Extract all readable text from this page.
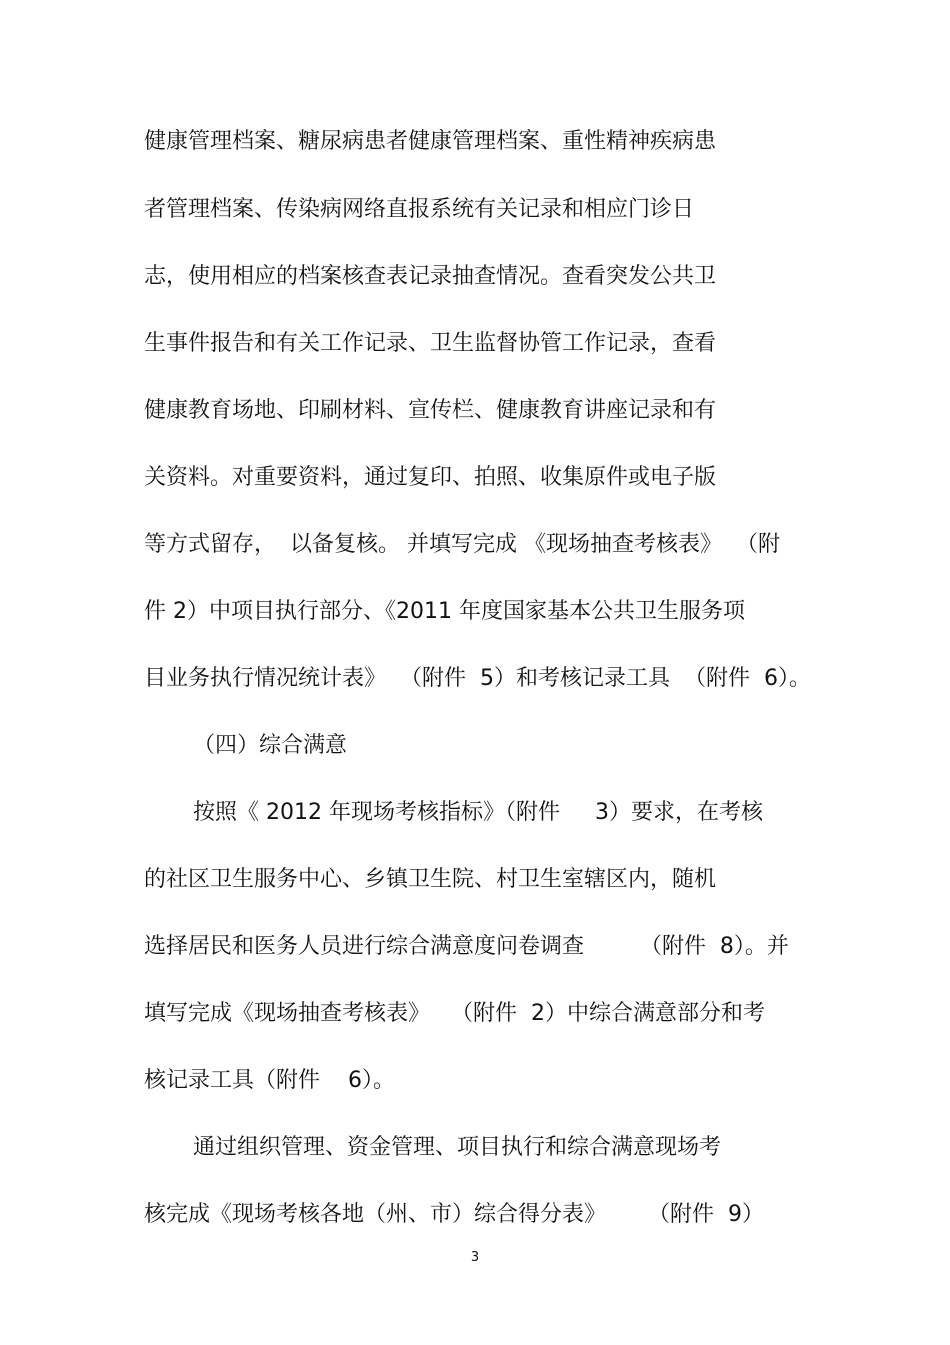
健康管理档案、糖尿病患者健康管理档案、重性精神疾病患
者管理档案、传染病网络直报系统有关记录和相应门诊日
志，使用相应的档案核查表记录抽查情况。查看突发公共卫
生事件报告和有关工作记录、卫生监督协管工作记录，查看
健康教育场地、印刷材料、宣传栏、健康教育讲座记录和有
关资料。对重要资料，通过复印、拍照、收集原件或电子版
等方式留存，  以备复核。 并填写完成 《现场抽查考核表》  （附
件 2）中项目执行部分、《2011 年度国家基本公共卫生服务项
目业务执行情况统计表》  （附件  5）和考核记录工具  （附件  6）。
（四）综合满意
按照《 2012 年现场考核指标》（附件     3）要求，在考核
的社区卫生服务中心、乡镇卫生院、村卫生室辖区内，随机
选择居民和医务人员进行综合满意度问卷调查        （附件  8）。并
填写完成《现场抽查考核表》   （附件  2）中综合满意部分和考
核记录工具（附件    6）。
通过组织管理、资金管理、项目执行和综合满意现场考
核完成《现场考核各地（州、市）综合得分表》      （附件  9）
3
